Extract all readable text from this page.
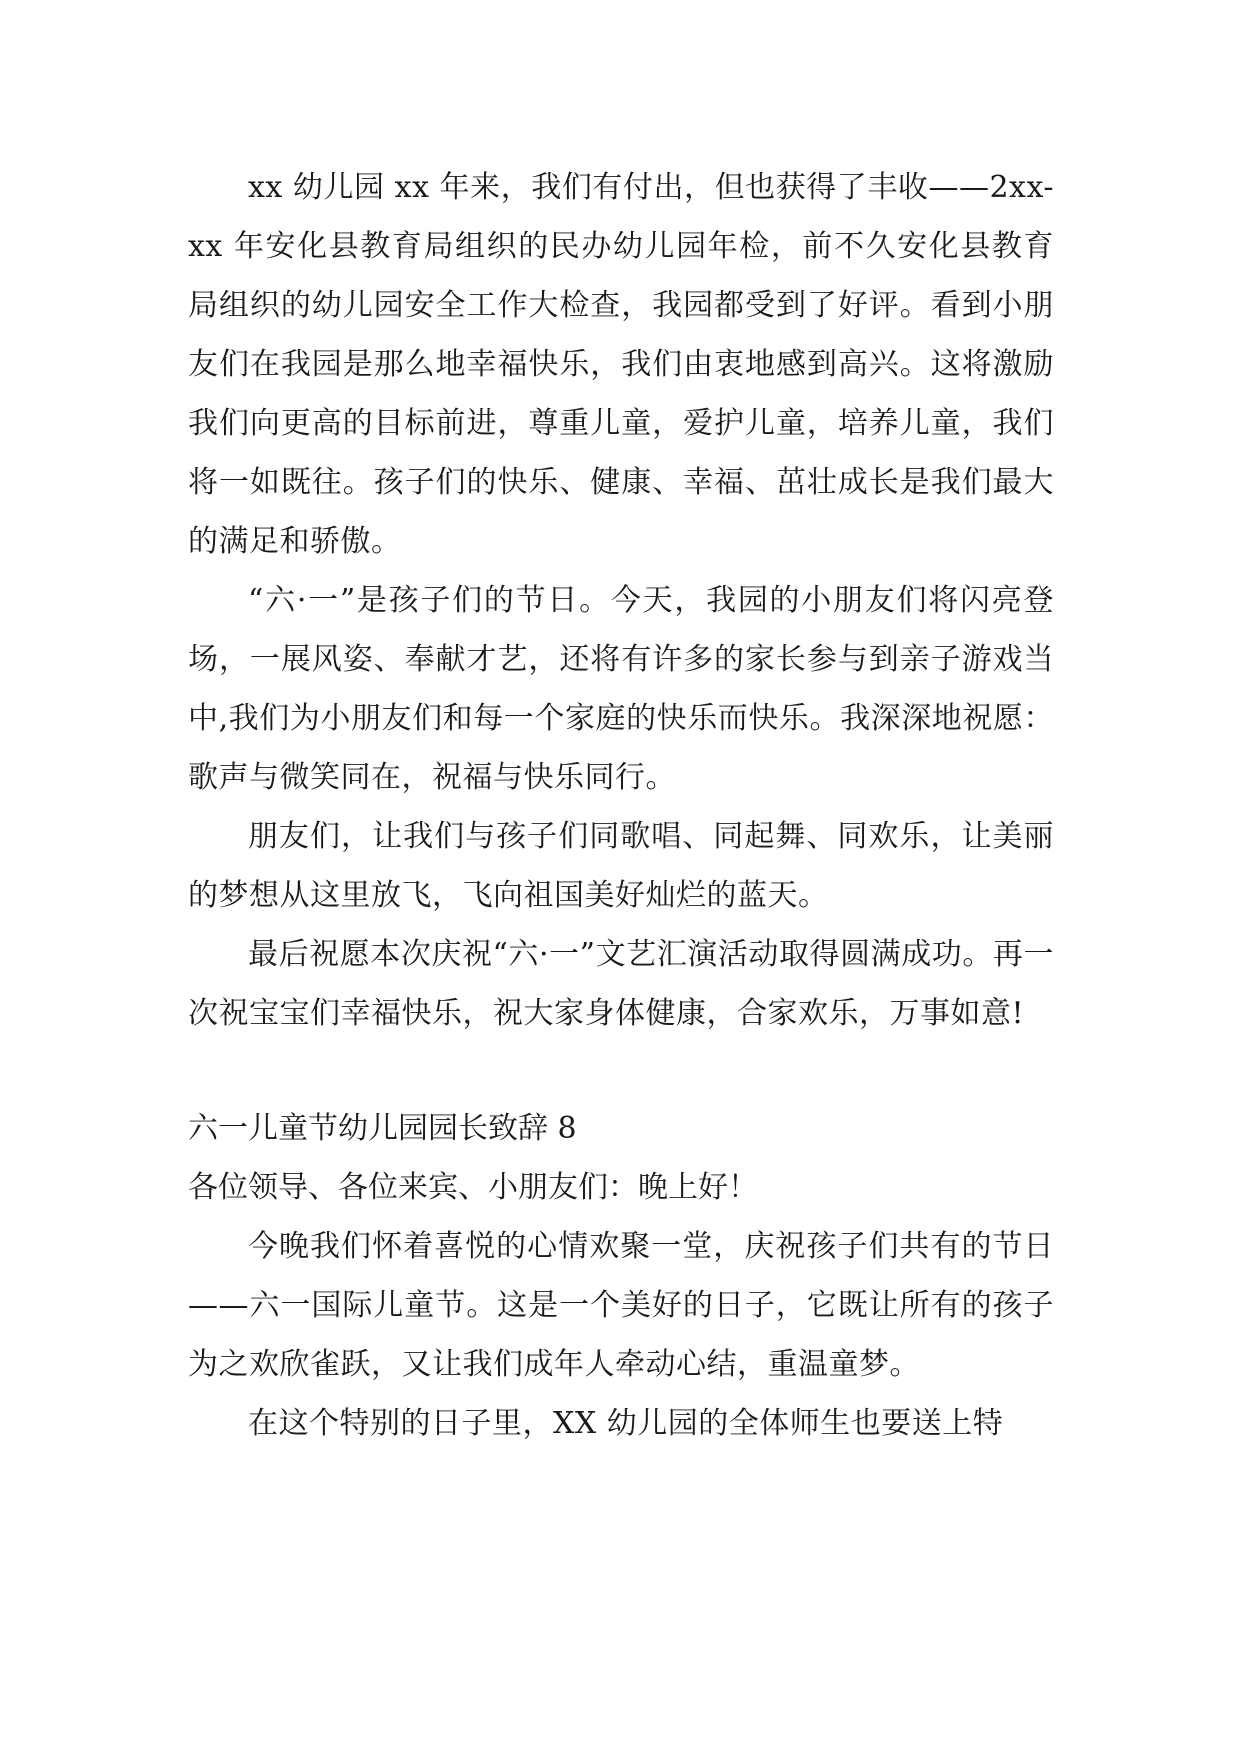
xx 幼儿园 xx 年来，我们有付出，但也获得了丰收——2xx-xx 年安化县教育局组织的民办幼儿园年检，前不久安化县教育局组织的幼儿园安全工作大检查，我园都受到了好评。看到小朋友们在我园是那么地幸福快乐，我们由衷地感到高兴。这将激励我们向更高的目标前进，尊重儿童，爱护儿童，培养儿童，我们将一如既往。孩子们的快乐、健康、幸福、茁壮成长是我们最大的满足和骄傲。

“六·一”是孩子们的节日。今天，我园的小朋友们将闪亮登场，一展风姿、奉献才艺，还将有许多的家长参与到亲子游戏当中,我们为小朋友们和每一个家庭的快乐而快乐。我深深地祝愿：歌声与微笑同在，祝福与快乐同行。

朋友们，让我们与孩子们同歌唱、同起舞、同欢乐，让美丽的梦想从这里放飞，飞向祖国美好灿烂的蓝天。

最后祝愿本次庆祝“六·一”文艺汇演活动取得圆满成功。再一次祝宝宝们幸福快乐，祝大家身体健康，合家欢乐，万事如意!

六一儿童节幼儿园园长致辞 8

各位领导、各位来宾、小朋友们：晚上好！

今晚我们怀着喜悦的心情欢聚一堂，庆祝孩子们共有的节日——六一国际儿童节。这是一个美好的日子，它既让所有的孩子为之欢欣雀跃，又让我们成年人牵动心结，重温童梦。

在这个特别的日子里，XX 幼儿园的全体师生也要送上特
